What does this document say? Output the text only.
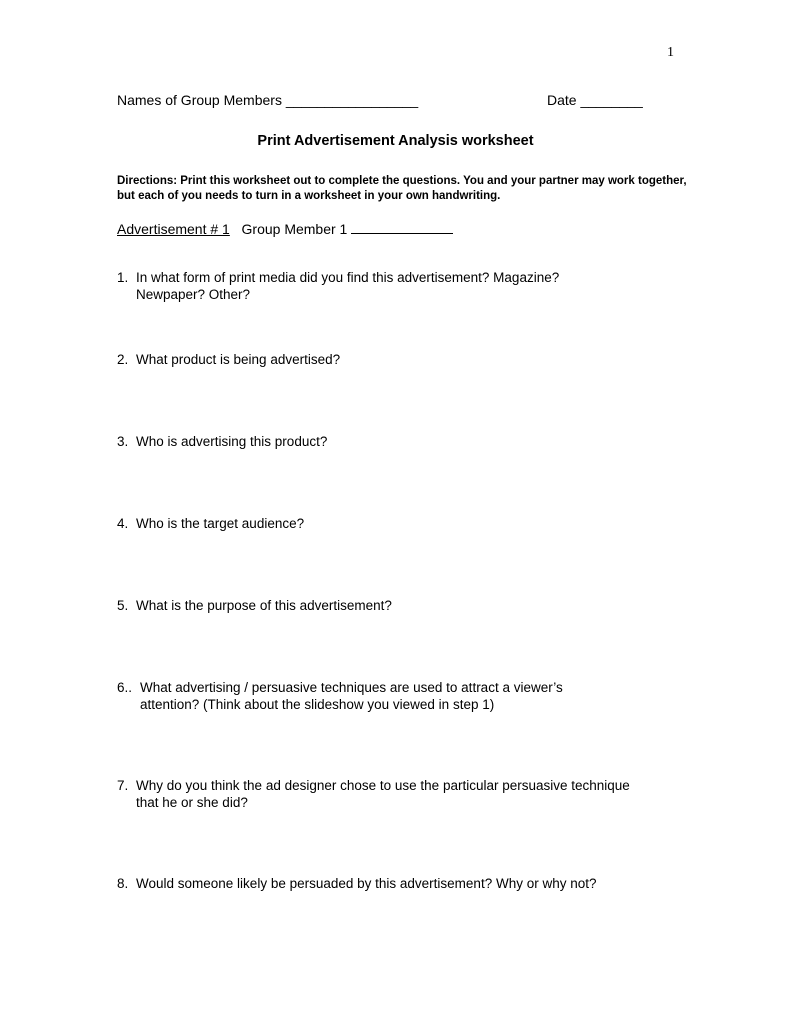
1
Names of Group Members _________________	Date ________
Print Advertisement Analysis worksheet
Directions: Print this worksheet out to complete the questions. You and your partner may work together, but each of you needs to turn in a worksheet in your own handwriting.
Advertisement # 1 Group Member 1
1. In what form of print media did you find this advertisement? Magazine?
Newpaper? Other?
2. What product is being advertised?
3. Who is advertising this product?
4. Who is the target audience?
5. What is the purpose of this advertisement?
6.. What advertising / persuasive techniques are used to attract a viewer’s
attention? (Think about the slideshow you viewed in step 1)
7. Why do you think the ad designer chose to use the particular persuasive technique
that he or she did?
8. Would someone likely be persuaded by this advertisement? Why or why not?
